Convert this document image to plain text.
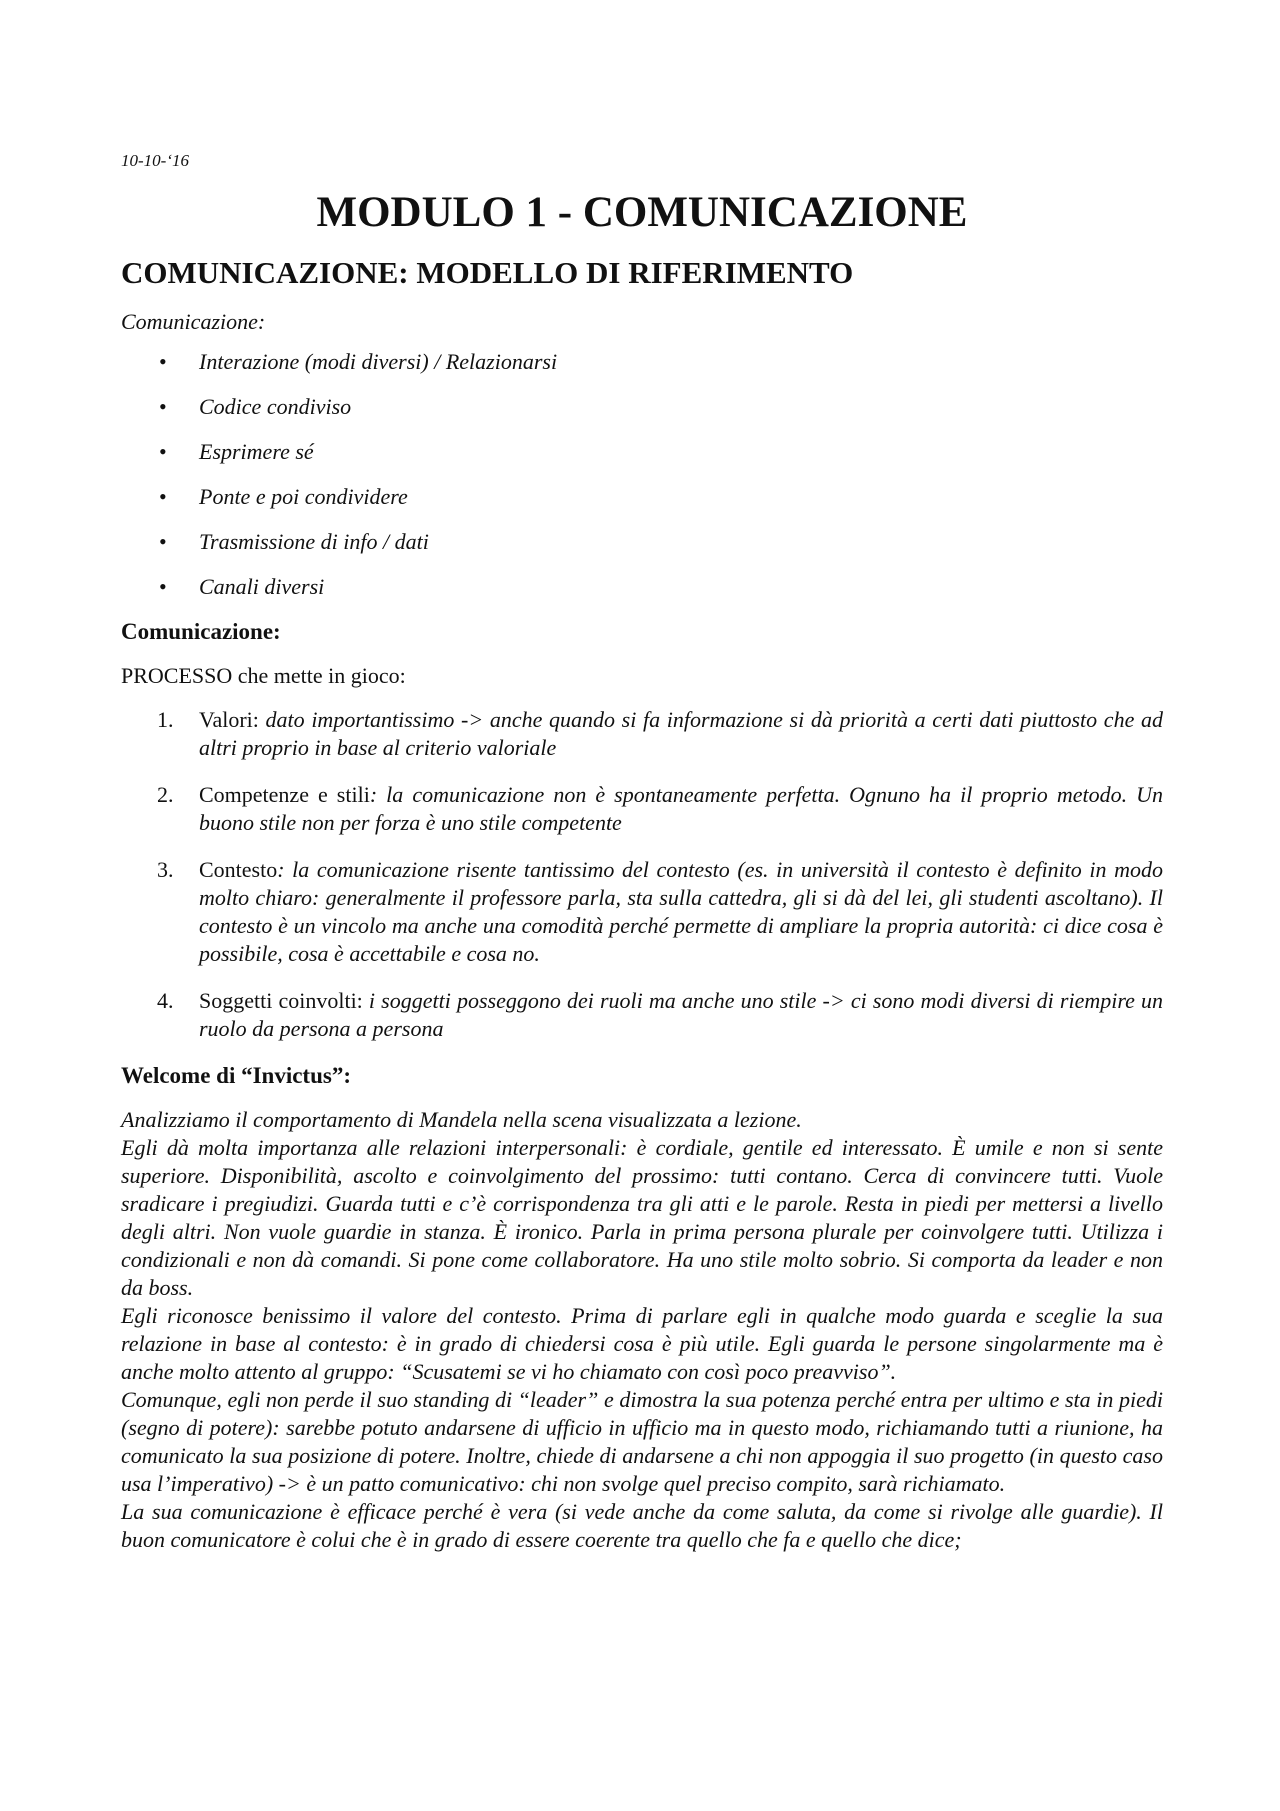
10-10-‘16
MODULO 1 - COMUNICAZIONE
COMUNICAZIONE: MODELLO DI RIFERIMENTO
Comunicazione:
• Interazione (modi diversi) / Relazionarsi
• Codice condiviso
• Esprimere sé
• Ponte e poi condividere
• Trasmissione di info / dati
• Canali diversi
Comunicazione:
PROCESSO che mette in gioco:
1. Valori: dato importantissimo -> anche quando si fa informazione si dà priorità a certi dati piuttosto che ad altri proprio in base al criterio valoriale
2. Competenze e stili: la comunicazione non è spontaneamente perfetta. Ognuno ha il proprio metodo. Un buono stile non per forza è uno stile competente
3. Contesto: la comunicazione risente tantissimo del contesto (es. in università il contesto è definito in modo molto chiaro: generalmente il professore parla, sta sulla cattedra, gli si dà del lei, gli studenti ascoltano). Il contesto è un vincolo ma anche una comodità perché permette di ampliare la propria autorità: ci dice cosa è possibile, cosa è accettabile e cosa no.
4. Soggetti coinvolti: i soggetti posseggono dei ruoli ma anche uno stile -> ci sono modi diversi di riempire un ruolo da persona a persona
Welcome di “Invictus”:

Analizziamo il comportamento di Mandela nella scena visualizzata a lezione.

Egli dà molta importanza alle relazioni interpersonali: è cordiale, gentile ed interessato. È umile e non si sente superiore. Disponibilità, ascolto e coinvolgimento del prossimo: tutti contano. Cerca di convincere tutti. Vuole sradicare i pregiudizi. Guarda tutti e c’è corrispondenza tra gli atti e le parole. Resta in piedi per mettersi a livello degli altri. Non vuole guardie in stanza. È ironico. Parla in prima persona plurale per coinvolgere tutti. Utilizza i condizionali e non dà comandi. Si pone come collaboratore. Ha uno stile molto sobrio. Si comporta da leader e non da boss.

Egli riconosce benissimo il valore del contesto. Prima di parlare egli in qualche modo guarda e sceglie la sua relazione in base al contesto: è in grado di chiedersi cosa è più utile. Egli guarda le persone singolarmente ma è anche molto attento al gruppo: “Scusatemi se vi ho chiamato con così poco preavviso”.

Comunque, egli non perde il suo standing di “leader” e dimostra la sua potenza perché entra per ultimo e sta in piedi (segno di potere): sarebbe potuto andarsene di ufficio in ufficio ma in questo modo, richiamando tutti a riunione, ha comunicato la sua posizione di potere. Inoltre, chiede di andarsene a chi non appoggia il suo progetto (in questo caso usa l’imperativo) -> è un patto comunicativo: chi non svolge quel preciso compito, sarà richiamato.

La sua comunicazione è efficace perché è vera (si vede anche da come saluta, da come si rivolge alle guardie). Il buon comunicatore è colui che è in grado di essere coerente tra quello che fa e quello che dice;
